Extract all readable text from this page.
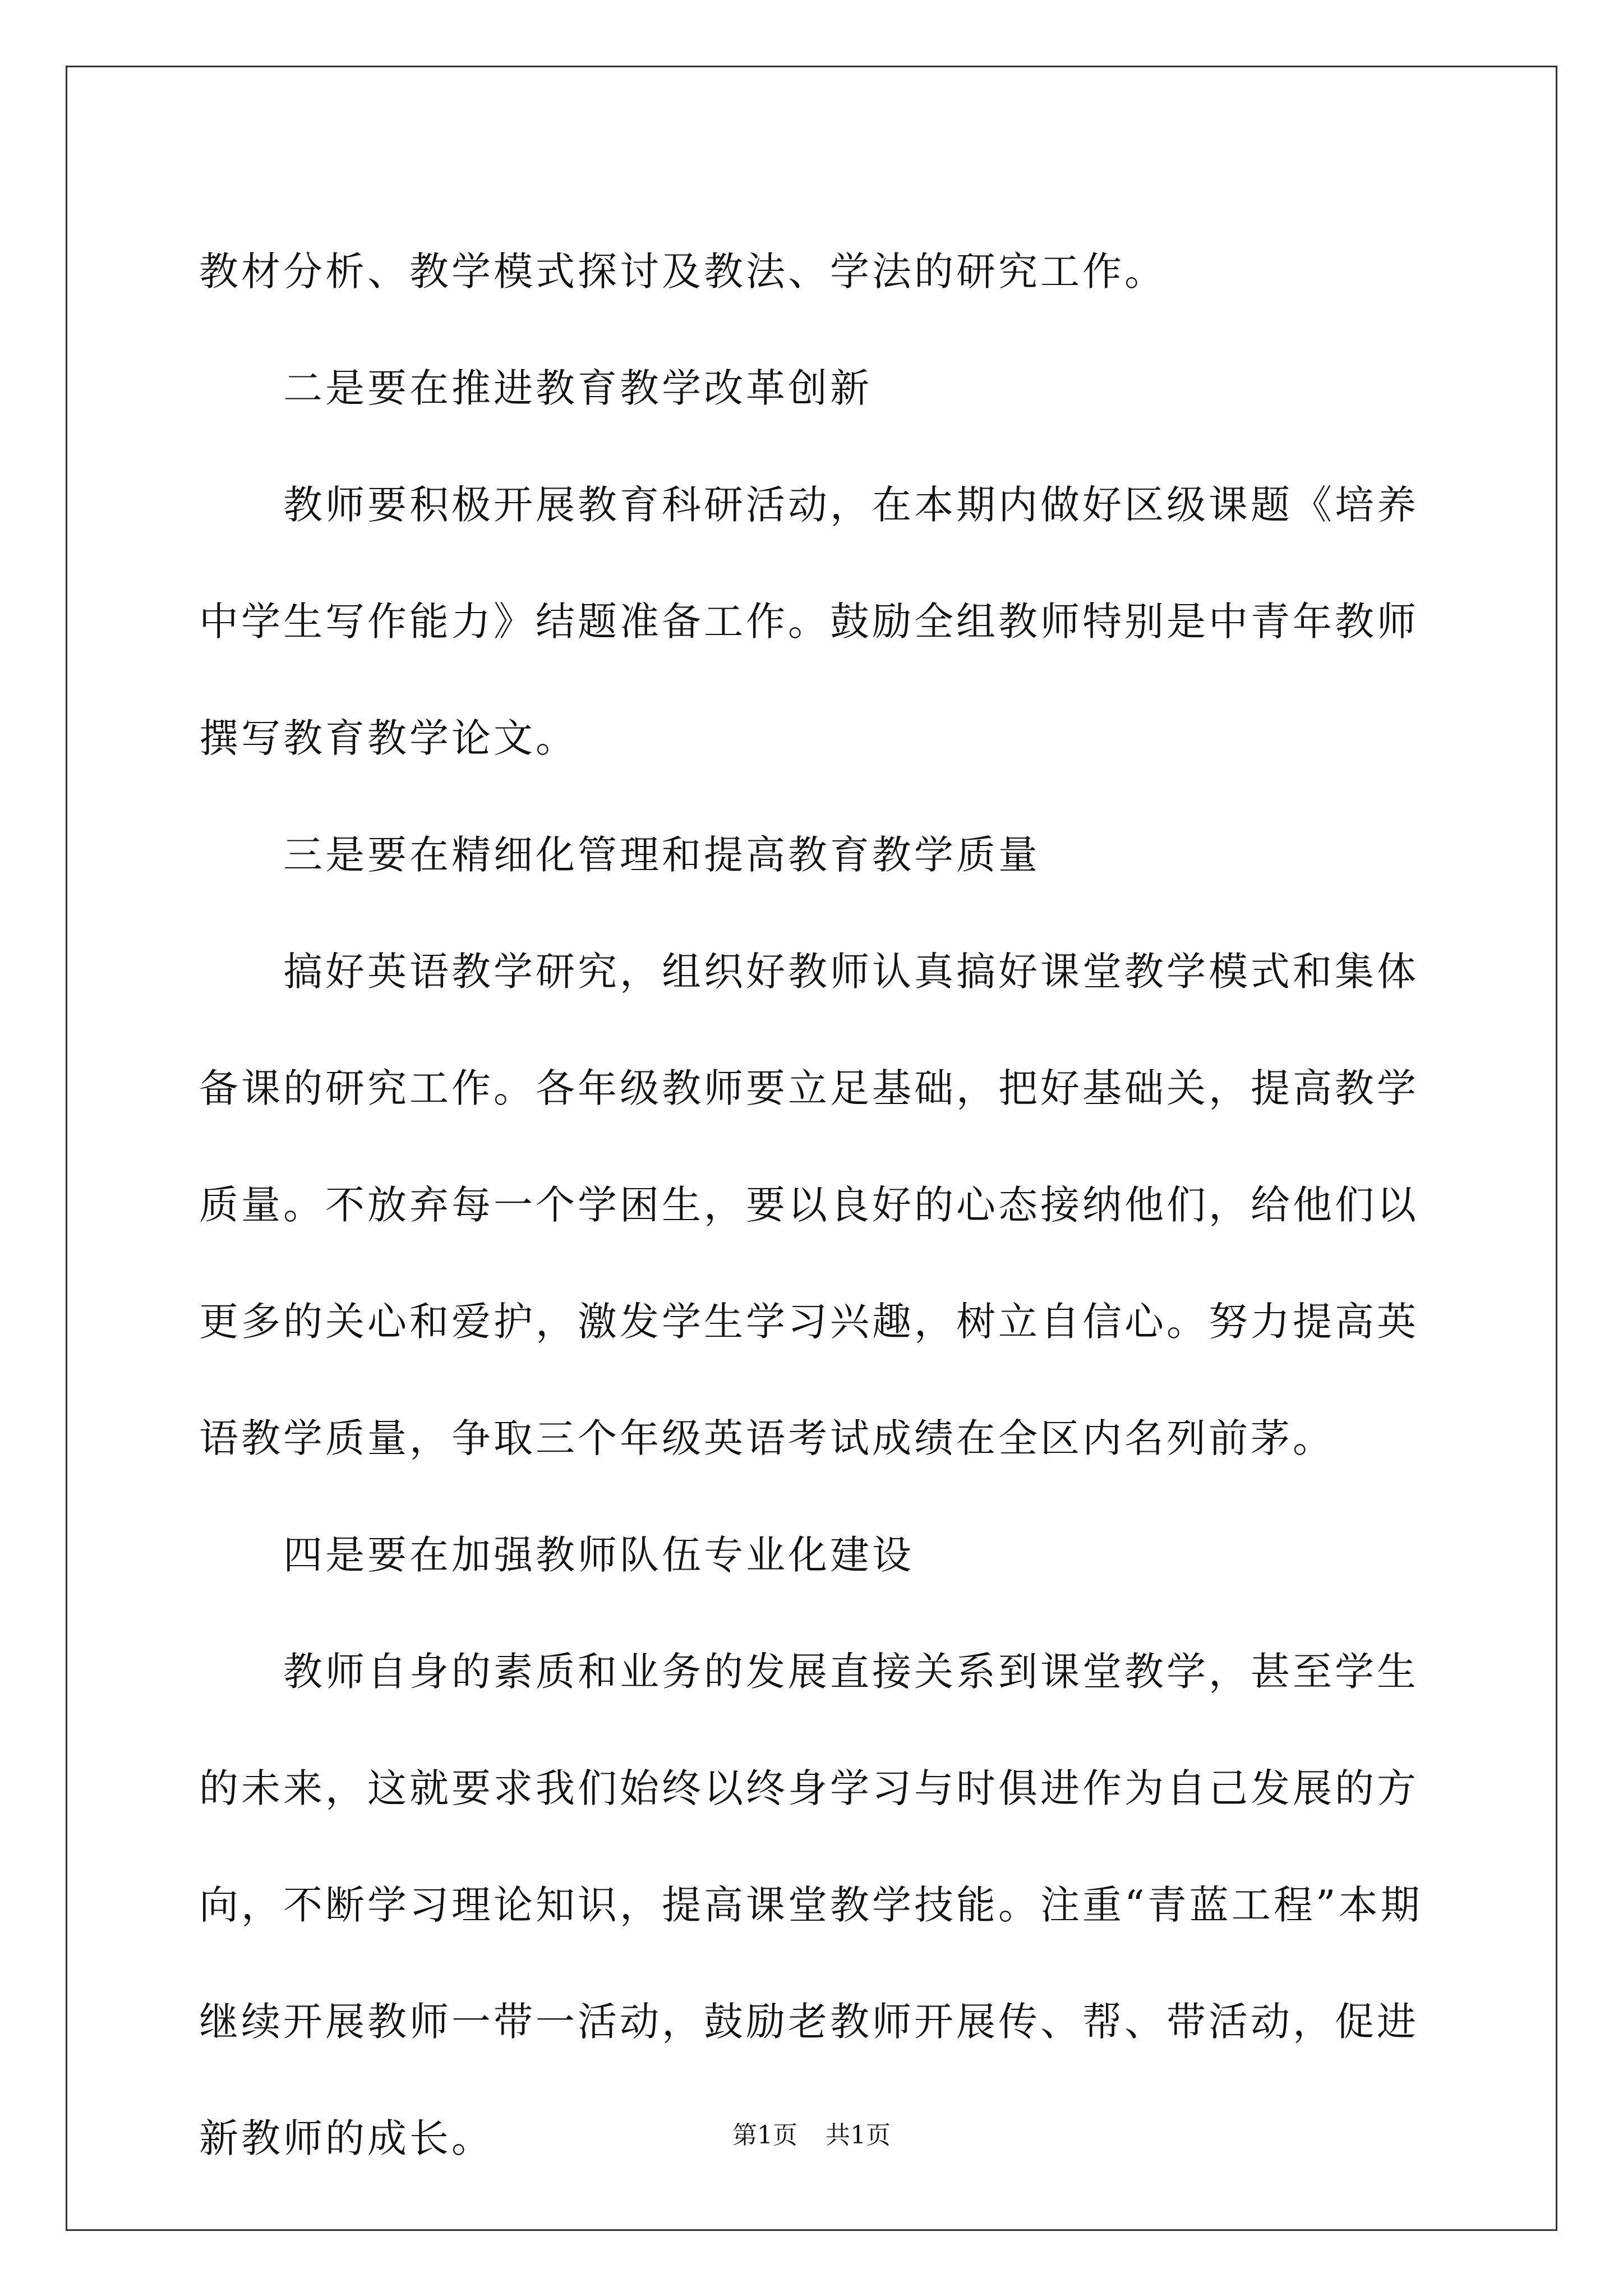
教材分析、教学模式探讨及教法、学法的研究工作。

二是要在推进教育教学改革创新

教师要积极开展教育科研活动，在本期内做好区级课题《培养中学生写作能力》结题准备工作。鼓励全组教师特别是中青年教师撰写教育教学论文。

三是要在精细化管理和提高教育教学质量

搞好英语教学研究，组织好教师认真搞好课堂教学模式和集体备课的研究工作。各年级教师要立足基础，把好基础关，提高教学质量。不放弃每一个学困生，要以良好的心态接纳他们，给他们以更多的关心和爱护，激发学生学习兴趣，树立自信心。努力提高英语教学质量，争取三个年级英语考试成绩在全区内名列前茅。

四是要在加强教师队伍专业化建设

教师自身的素质和业务的发展直接关系到课堂教学，甚至学生的未来，这就要求我们始终以终身学习与时俱进作为自己发展的方向，不断学习理论知识，提高课堂教学技能。注重“青蓝工程”本期继续开展教师一带一活动，鼓励老教师开展传、帮、带活动，促进新教师的成长。	第1页 共1页
